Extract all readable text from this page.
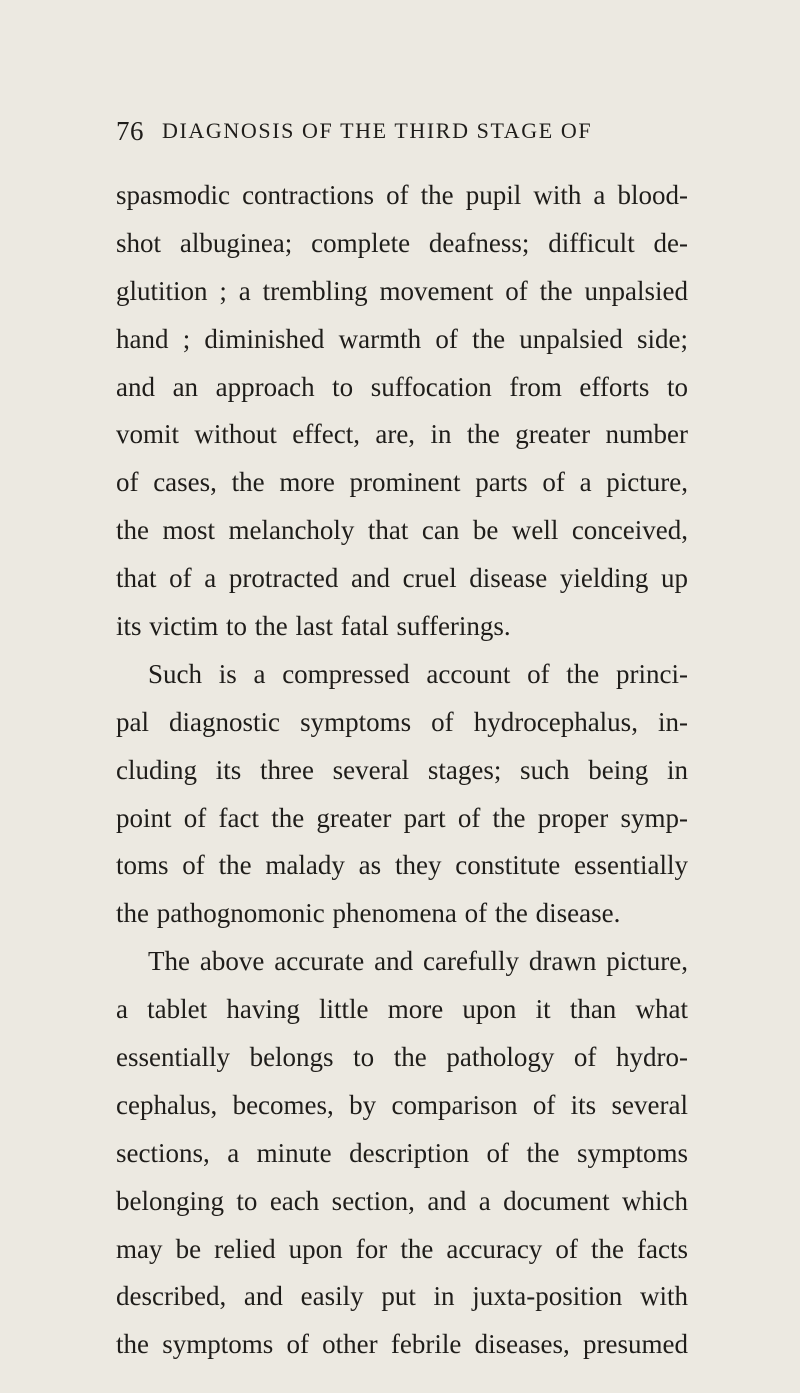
76 DIAGNOSIS OF THE THIRD STAGE OF
spasmodic contractions of the pupil with a blood-
shot albuginea; complete deafness; difficult de-
glutition ; a trembling movement of the unpalsied
hand ; diminished warmth of the unpalsied side;
and an approach to suffocation from efforts to
vomit without effect, are, in the greater number
of cases, the more prominent parts of a picture,
the most melancholy that can be well conceived,
that of a protracted and cruel disease yielding up
its victim to the last fatal sufferings.
Such is a compressed account of the princi-
pal diagnostic symptoms of hydrocephalus, in-
cluding its three several stages; such being in
point of fact the greater part of the proper symp-
toms of the malady as they constitute essentially
the pathognomonic phenomena of the disease.
The above accurate and carefully drawn picture,
a tablet having little more upon it than what
essentially belongs to the pathology of hydro-
cephalus, becomes, by comparison of its several
sections, a minute description of the symptoms
belonging to each section, and a document which
may be relied upon for the accuracy of the facts
described, and easily put in juxta-position with
the symptoms of other febrile diseases, presumed
